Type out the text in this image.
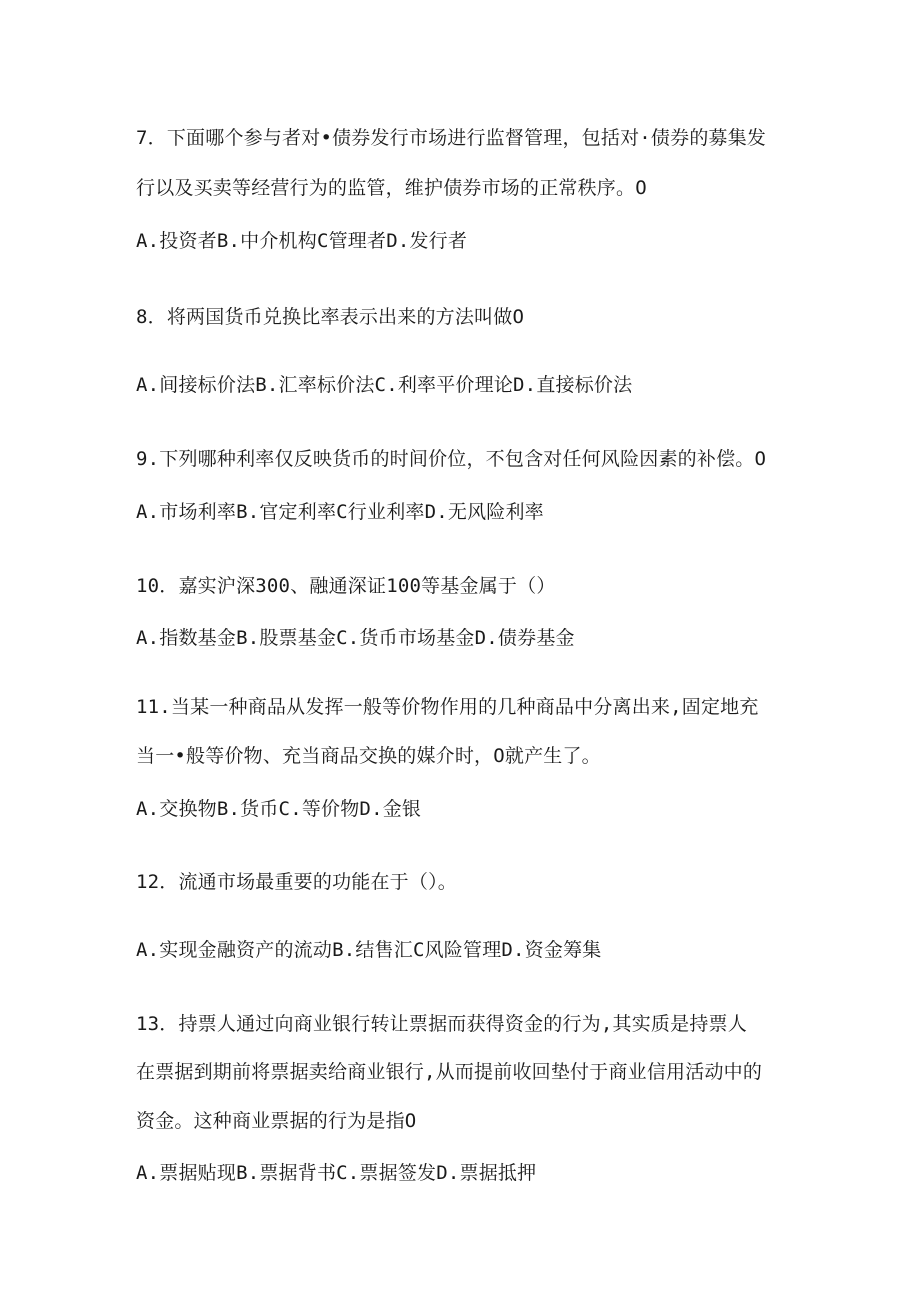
7．下面哪个参与者对•债券发行市场进行监督管理，包括对·债券的募集发

行以及买卖等经营行为的监管，维护债券市场的正常秩序。O

A.投资者B.中介机构C管理者D.发行者

8．将两国货币兑换比率表示出来的方法叫做O

A.间接标价法B.汇率标价法C.利率平价理论D.直接标价法

9.下列哪种利率仅反映货币的时间价位，不包含对任何风险因素的补偿。O

A.市场利率B.官定利率C行业利率D.无风险利率

10．嘉实沪深300、融通深证100等基金属于（）

A.指数基金B.股票基金C.货币市场基金D.债券基金

11.当某一种商品从发挥一般等价物作用的几种商品中分离出来,固定地充

当一•般等价物、充当商品交换的媒介时，O就产生了。

A.交换物B.货币C.等价物D.金银

12．流通市场最重要的功能在于（）。

A.实现金融资产的流动B.结售汇C风险管理D.资金筹集

13．持票人通过向商业银行转让票据而获得资金的行为,其实质是持票人

在票据到期前将票据卖给商业银行,从而提前收回垫付于商业信用活动中的

资金。这种商业票据的行为是指O

A.票据贴现B.票据背书C.票据签发D.票据抵押
